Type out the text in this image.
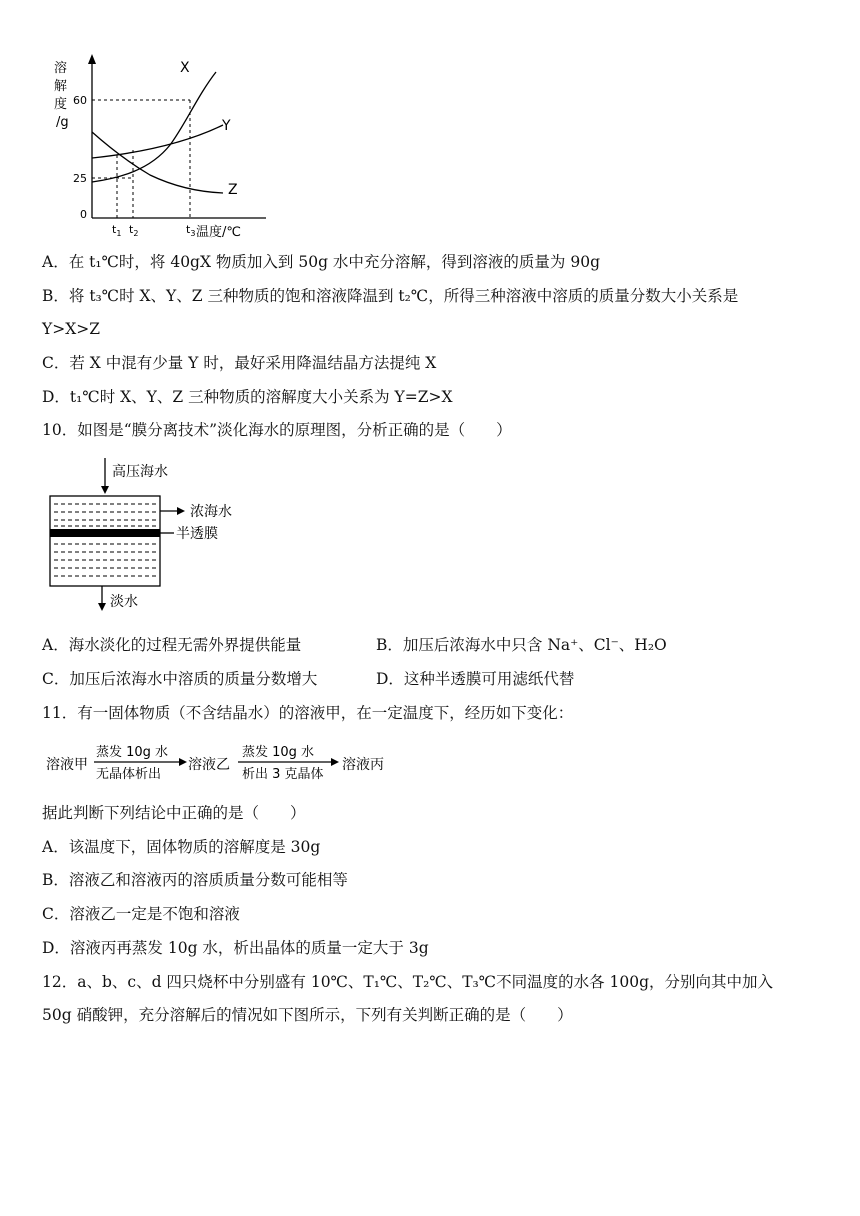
溶
解
度
/g
60
25
0
$t_1$ $t_2$	$t_3$ 温度/℃
X
Y
Z
A．在 t₁℃时，将 40gX 物质加入到 50g 水中充分溶解，得到溶液的质量为 90g
B．将 t₃℃时 X、Y、Z 三种物质的饱和溶液降温到 t₂℃，所得三种溶液中溶质的质量分数大小关系是
Y>X>Z
C．若 X 中混有少量 Y 时，最好采用降温结晶方法提纯 X
D．t₁℃时 X、Y、Z 三种物质的溶解度大小关系为 Y=Z>X
10．如图是“膜分离技术”淡化海水的原理图，分析正确的是（　　）
高压海水
浓海水
半透膜
淡水
A．海水淡化的过程无需外界提供能量	B．加压后浓海水中只含 Na⁺、Cl⁻、H₂O
C．加压后浓海水中溶质的质量分数增大	D．这种半透膜可用滤纸代替
11．有一固体物质（不含结晶水）的溶液甲，在一定温度下，经历如下变化：
溶液甲
蒸发 10g 水
无晶体析出
溶液乙
蒸发 10g 水
析出 3 克晶体
溶液丙
据此判断下列结论中正确的是（　　）
A．该温度下，固体物质的溶解度是 30g
B．溶液乙和溶液丙的溶质质量分数可能相等
C．溶液乙一定是不饱和溶液
D．溶液丙再蒸发 10g 水，析出晶体的质量一定大于 3g
12．a、b、c、d 四只烧杯中分别盛有 10℃、T₁℃、T₂℃、T₃℃不同温度的水各 100g，分别向其中加入
50g 硝酸钾，充分溶解后的情况如下图所示，下列有关判断正确的是（　　）
